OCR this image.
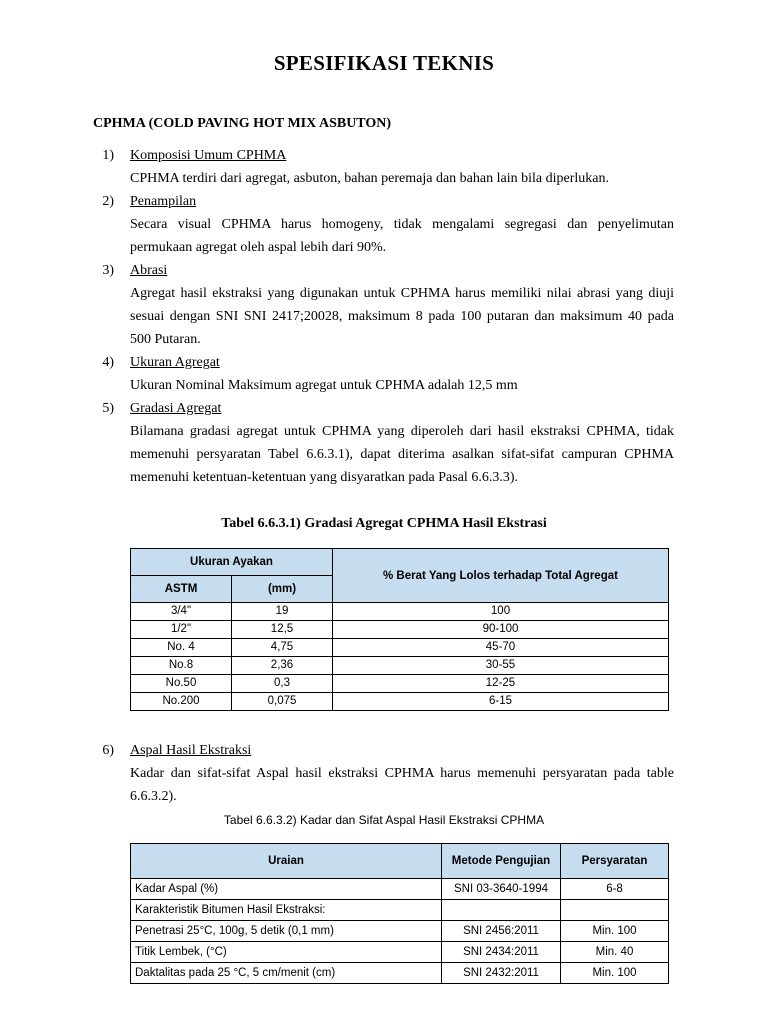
SPESIFIKASI TEKNIS
CPHMA (COLD PAVING HOT MIX ASBUTON)
1) Komposisi Umum CPHMA
CPHMA terdiri dari agregat, asbuton, bahan peremaja dan bahan lain bila diperlukan.
2) Penampilan
Secara visual CPHMA harus homogeny, tidak mengalami segregasi dan penyelimutan
permukaan agregat oleh aspal lebih dari 90%.
3) Abrasi
Agregat hasil ekstraksi yang digunakan untuk CPHMA harus memiliki nilai abrasi yang diuji
sesuai dengan SNI SNI 2417;20028, maksimum 8 pada 100 putaran dan maksimum 40 pada
500 Putaran.
4) Ukuran Agregat
Ukuran Nominal Maksimum agregat untuk CPHMA adalah 12,5 mm
5) Gradasi Agregat
Bilamana gradasi agregat untuk CPHMA yang diperoleh dari hasil ekstraksi CPHMA, tidak
memenuhi persyaratan Tabel 6.6.3.1), dapat diterima asalkan sifat-sifat campuran CPHMA
memenuhi ketentuan-ketentuan yang disyaratkan pada Pasal 6.6.3.3).
Tabel 6.6.3.1) Gradasi Agregat CPHMA Hasil Ekstrasi
Ukuran Ayakan		% Berat Yang Lolos terhadap Total Agregat
ASTM	(mm)	
3/4"	19	100
1/2"	12,5	90-100
No. 4	4,75	45-70
No.8	2,36	30-55
No.50	0,3	12-25
No.200	0,075	6-15
6) Aspal Hasil Ekstraksi
Kadar dan sifat-sifat Aspal hasil ekstraksi CPHMA harus memenuhi persyaratan pada table
6.6.3.2).
Tabel 6.6.3.2) Kadar dan Sifat Aspal Hasil Ekstraksi CPHMA
Uraian	Metode Pengujian	Persyaratan
Kadar Aspal (%)	SNI 03-3640-1994	6-8
Karakteristik Bitumen Hasil Ekstraksi:		
Penetrasi 25°C, 100g, 5 detik (0,1 mm)	SNI 2456:2011	Min. 100
Titik Lembek, (°C)	SNI 2434:2011	Min. 40
Daktalitas pada 25 °C, 5 cm/menit (cm)	SNI 2432:2011	Min. 100
